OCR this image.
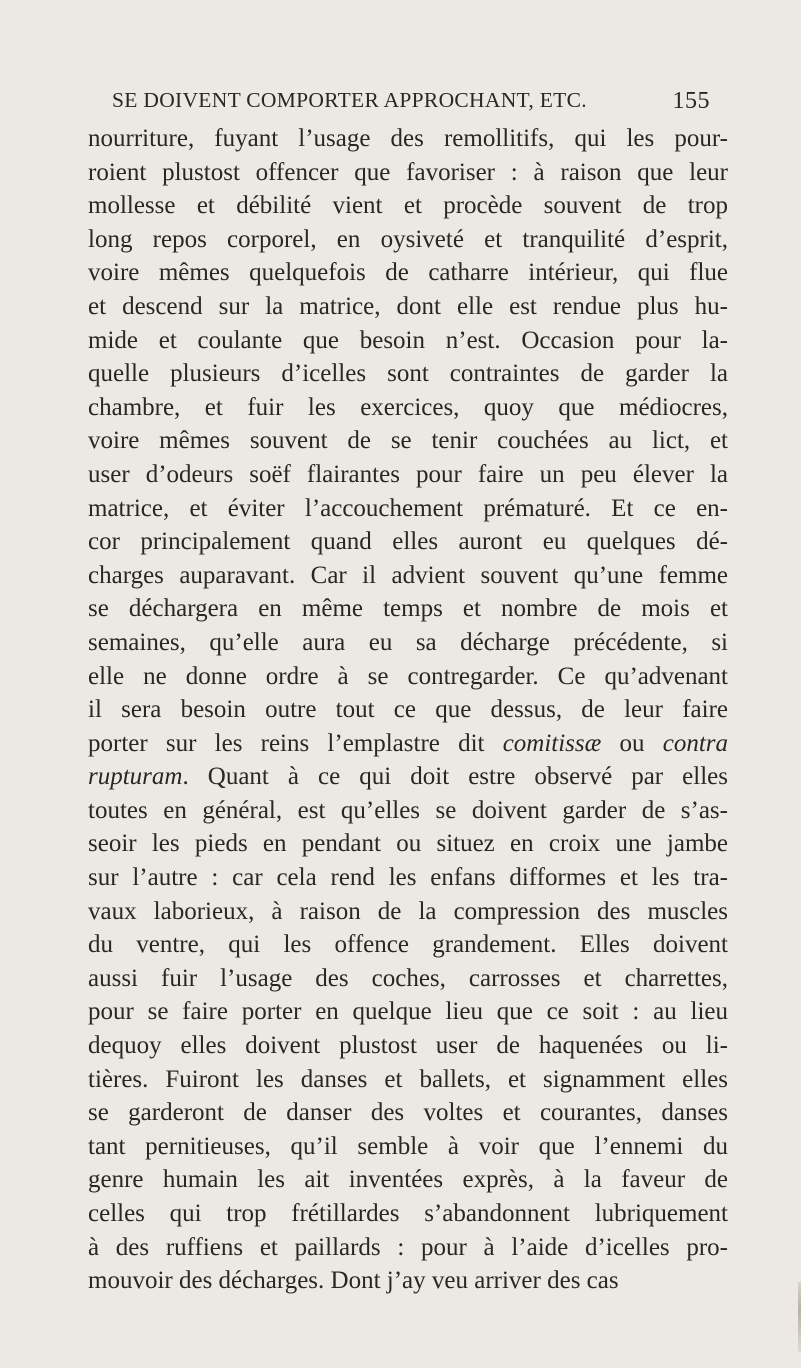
SE DOIVENT COMPORTER APPROCHANT, ETC.	155
nourriture, fuyant l’usage des remollitifs, qui les pour-
roient plustost offencer que favoriser : à raison que leur
mollesse et débilité vient et procède souvent de trop
long repos corporel, en oysiveté et tranquilité d’esprit,
voire mêmes quelquefois de catharre intérieur, qui flue
et descend sur la matrice, dont elle est rendue plus hu-
mide et coulante que besoin n’est. Occasion pour la-
quelle plusieurs d’icelles sont contraintes de garder la
chambre, et fuir les exercices, quoy que médiocres,
voire mêmes souvent de se tenir couchées au lict, et
user d’odeurs soëf flairantes pour faire un peu élever la
matrice, et éviter l’accouchement prématuré. Et ce en-
cor principalement quand elles auront eu quelques dé-
charges auparavant. Car il advient souvent qu’une femme
se déchargera en même temps et nombre de mois et
semaines, qu’elle aura eu sa décharge précédente, si
elle ne donne ordre à se contregarder. Ce qu’advenant
il sera besoin outre tout ce que dessus, de leur faire
porter sur les reins l’emplastre dit comitissæ ou contra
rupturam. Quant à ce qui doit estre observé par elles
toutes en général, est qu’elles se doivent garder de s’as-
seoir les pieds en pendant ou situez en croix une jambe
sur l’autre : car cela rend les enfans difformes et les tra-
vaux laborieux, à raison de la compression des muscles
du ventre, qui les offence grandement. Elles doivent
aussi fuir l’usage des coches, carrosses et charrettes,
pour se faire porter en quelque lieu que ce soit : au lieu
dequoy elles doivent plustost user de haquenées ou li-
tières. Fuiront les danses et ballets, et signamment elles
se garderont de danser des voltes et courantes, danses
tant pernitieuses, qu’il semble à voir que l’ennemi du
genre humain les ait inventées exprès, à la faveur de
celles qui trop frétillardes s’abandonnent lubriquement
à des ruffiens et paillards : pour à l’aide d’icelles pro-
mouvoir des décharges. Dont j’ay veu arriver des cas
